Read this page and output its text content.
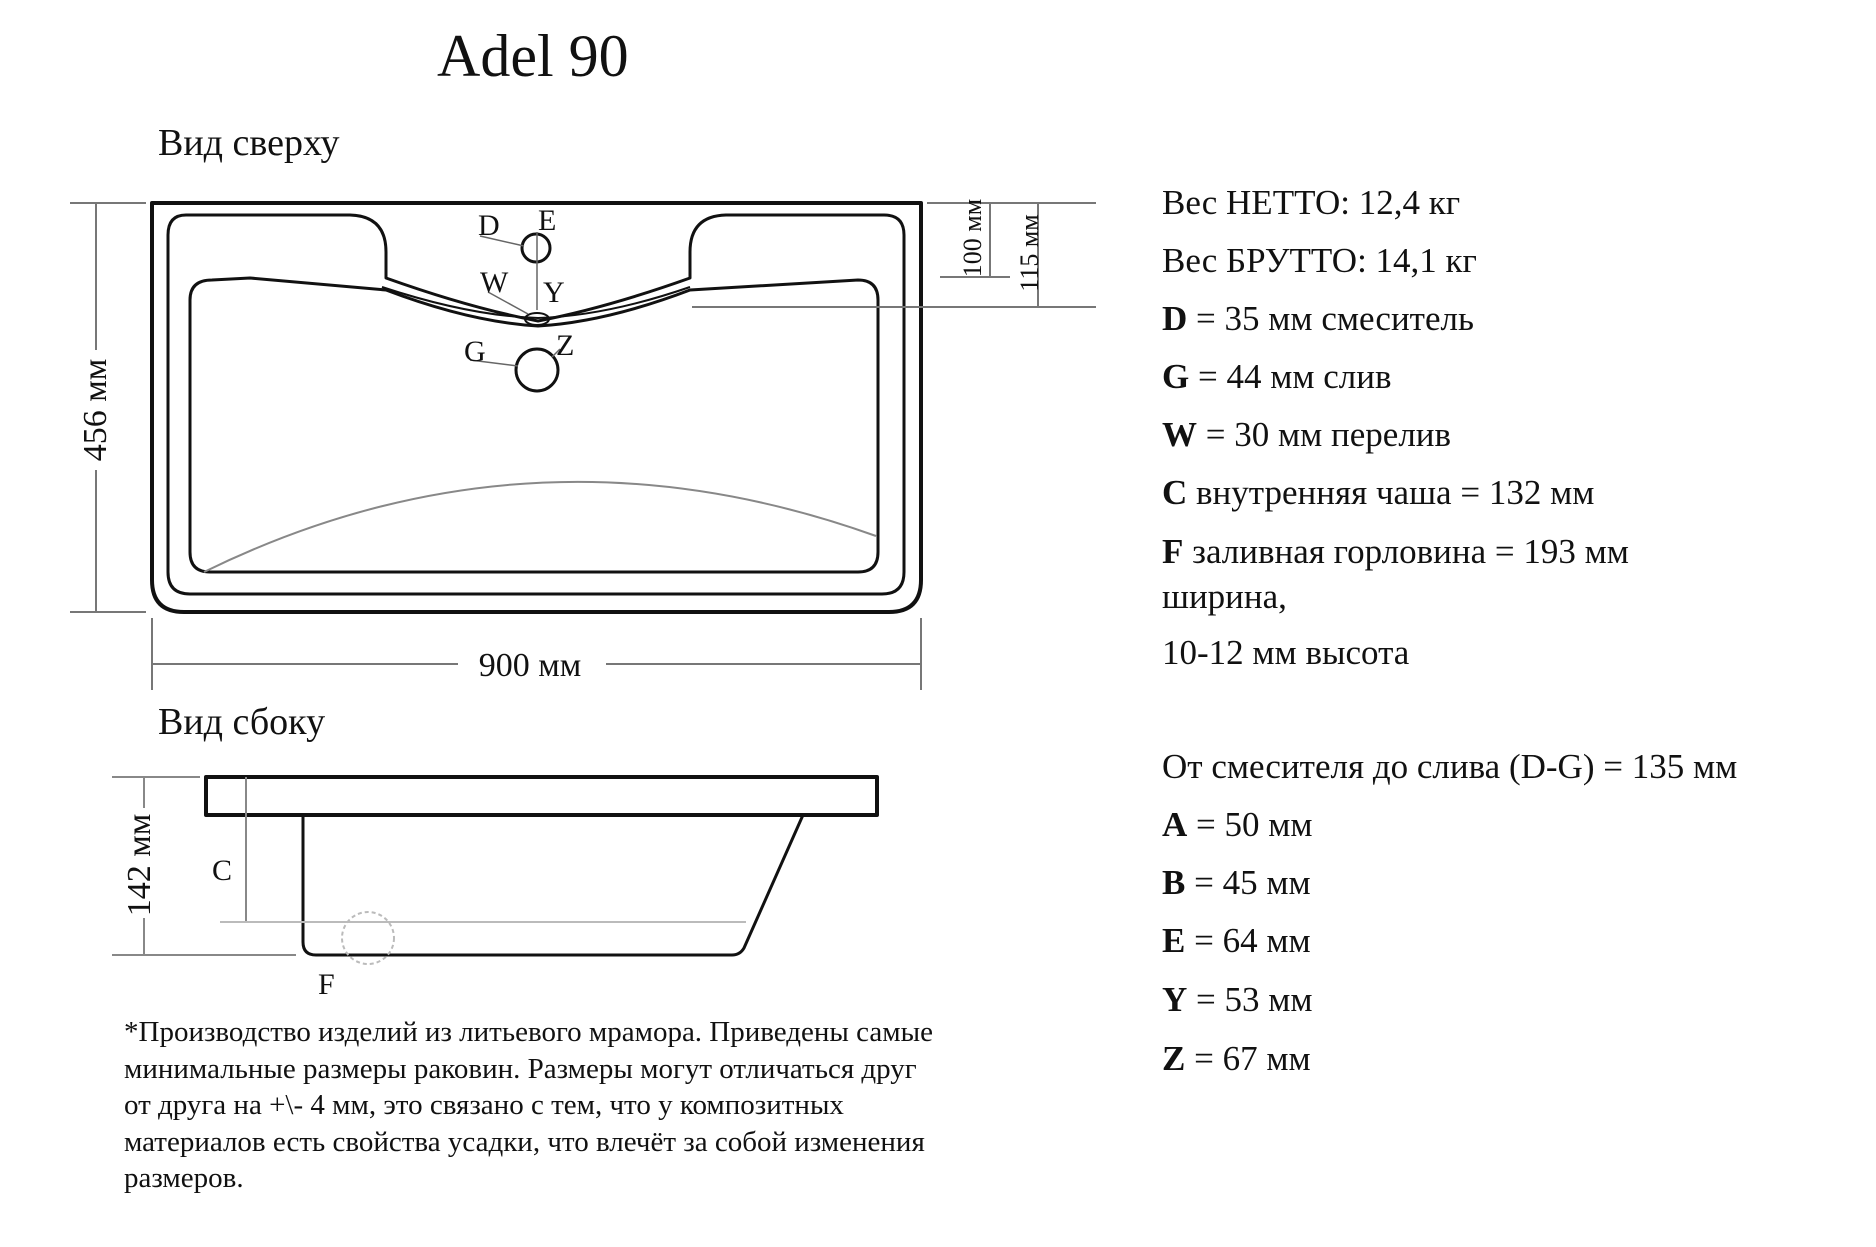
Adel 90
Вид сверху
D E
W Y
G Z
456 мм
900 мм
100 мм 115 мм
Вид сбоку
142 мм C
F
Вес НЕТТО: 12,4 кг
Вес БРУТТО: 14,1 кг
D = 35 мм смеситель
G = 44 мм слив
W = 30 мм перелив
C внутренняя чаша = 132 мм
F заливная горловина = 193 мм
ширина,
10-12 мм высота
От смесителя до слива (D-G) = 135 мм
A = 50 мм
B = 45 мм
E = 64 мм
Y = 53 мм
Z = 67 мм

*Производство изделий из литьевого мрамора. Приведены самые минимальные размеры раковин. Размеры могут отличаться друг от друга на +\- 4 мм, это связано с тем, что у композитных материалов есть свойства усадки, что влечёт за собой изменения размеров.
